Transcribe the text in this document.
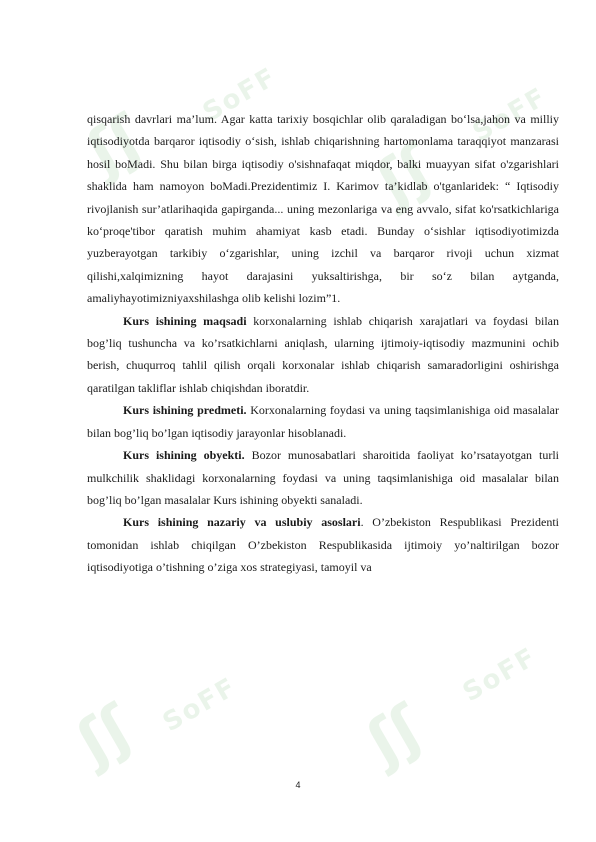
ʃʃ
SoFF
ʃʃ
SoFF
ʃʃ SoFF ʃʃ
SoFF

qisqarish davrlari ma’lum. Agar katta tarixiy bosqichlar olib qaraladigan bo‘lsa,jahon va milliy iqtisodiyotda barqaror iqtisodiy o‘sish, ishlab chiqarishning hartomonlama taraqqiyot manzarasi hosil boMadi. Shu bilan birga iqtisodiy o'sishnafaqat miqdor, balki muayyan sifat o'zgarishlari shaklida ham namoyon boMadi.Prezidentimiz I. Karimov ta’kidlab o'tganlaridek: “ Iqtisodiy rivojlanish sur’atlarihaqida gapirganda... uning mezonlariga va eng avvalo, sifat ko'rsatkichlariga ko‘proqe'tibor qaratish muhim ahamiyat kasb etadi. Bunday o‘sishlar iqtisodiyotimizda yuzberayotgan tarkibiy o‘zgarishlar, uning izchil va barqaror rivoji uchun xizmat qilishi,xalqimizning hayot darajasini yuksaltirishga, bir so‘z bilan aytganda, amaliyhayotimizniyaxshilashga olib kelishi lozim”1.

Kurs ishining maqsadi korxonalarning ishlab chiqarish xarajatlari va foydasi bilan bog’liq tushuncha va ko’rsatkichlarni aniqlash, ularning ijtimoiy-iqtisodiy mazmunini ochib berish, chuqurroq tahlil qilish orqali korxonalar ishlab chiqarish samaradorligini oshirishga qaratilgan takliflar ishlab chiqishdan iboratdir.

Kurs ishining predmeti. Korxonalarning foydasi va uning taqsimlanishiga oid masalalar bilan bog’liq bo’lgan iqtisodiy jarayonlar hisoblanadi.

Kurs ishining obyekti. Bozor munosabatlari sharoitida faoliyat ko’rsatayotgan turli mulkchilik shaklidagi korxonalarning foydasi va uning taqsimlanishiga oid masalalar bilan bog’liq bo’lgan masalalar Kurs ishining obyekti sanaladi.

Kurs ishining nazariy va uslubiy asoslari. O’zbekiston Respublikasi Prezidenti tomonidan ishlab chiqilgan O’zbekiston Respublikasida ijtimoiy yo’naltirilgan bozor iqtisodiyotiga o’tishning o’ziga xos strategiyasi, tamoyil va

4
